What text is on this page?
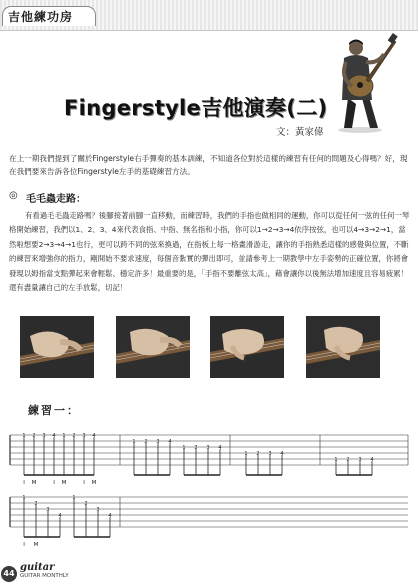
吉他練功房
Fingerstyle吉他演奏(二)
文：黃家偉

在上一期我們提到了關於Fingerstyle右手彈奏的基本訓練，不知道各位對於這樣的練習有任何的問題及心得嗎？好，現在我們要來告訴各位Fingerstyle左手的基礎練習方法。

◎ 毛毛蟲走路：

有看過毛毛蟲走路嗎？後腳接著前腳一直移動，而練習時，我們的手指也做相同的運動，你可以從任何一弦的任何一琴格開始練習，我們以1、2、3、4來代表食指、中指、無名指和小指，你可以1→2→3→4依序按弦，也可以4→3→2→1，當然啦想要2→3→4→1也行，更可以跨不同的弦來換過，在指板上每一格畫滑游走，讓你的手指熟悉這樣的感覺與位置，不斷的練習來增強你的指力，剛開始不要求速度，每個音紮實的彈出即可，並請參考上一期教學中左手姿勢的正確位置，你將會發現以姆指當支點彈起來會輕鬆、穩定許多！最重要的是，「手指不要離弦太高」，藉會讓你以後無法增加速度且容易疲累！還有盡量讓自己的左手放鬆，切記！

練習一：
1 2 3 4 1 2 3 4
1 2 3 4
1 2 3 4
1 2 3 4
1 2 3 4
I M	I M	I M
1
2
3
4
1
2
3
4
I M
44
guitar
GUITAR MONTHLY
